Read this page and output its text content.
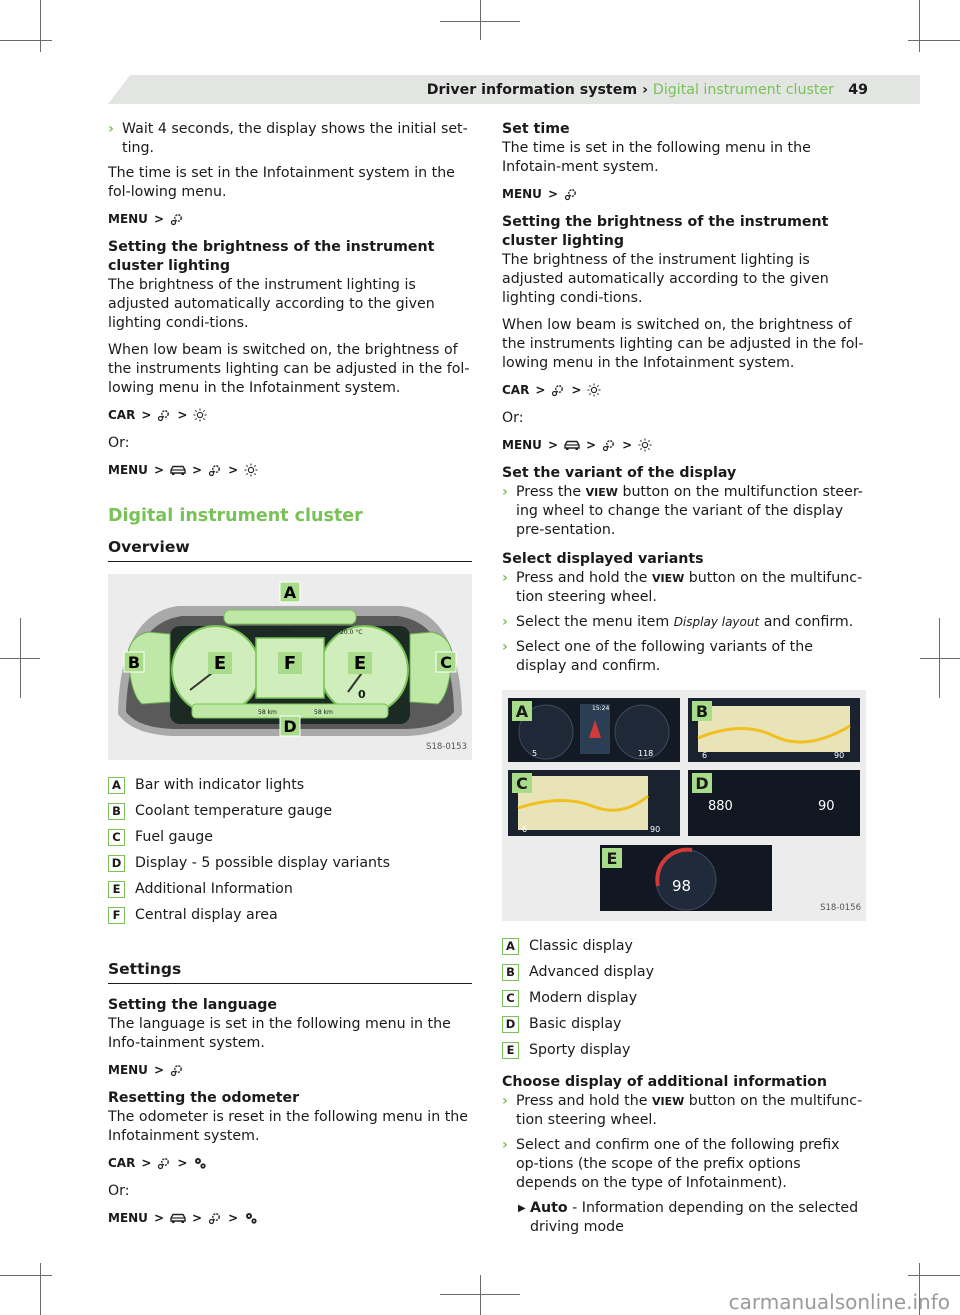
Driver information system › Digital instrument cluster 49
› Wait 4 seconds, the display shows the initial set-ting.

The time is set in the Infotainment system in the fol-lowing menu.

MENU >

Setting the brightness of the instrument cluster lighting

The brightness of the instrument lighting is adjusted automatically according to the given lighting condi-tions.

When low beam is switched on, the brightness of the instruments lighting can be adjusted in the fol-lowing menu in the Infotainment system.

CAR > >

Or:

MENU > > >
Digital instrument cluster
Overview
10:00	20.0 °C
58 km	58 km
0
A
B	C
D
E	F	E
S18-0153
A Bar with indicator lights
B Coolant temperature gauge
C	Fuel gauge
D Display - 5 possible display variants
E	Additional Information
F	Central display area
Settings

Setting the language

The language is set in the following menu in the Info-tainment system.

MENU >

Resetting the odometer

The odometer is reset in the following menu in the Infotainment system.

CAR > >

Or:

MENU > > >

Set time

The time is set in the following menu in the Infotain-ment system.

MENU >

Setting the brightness of the instrument cluster lighting

The brightness of the instrument lighting is adjusted automatically according to the given lighting condi-tions.

When low beam is switched on, the brightness of the instruments lighting can be adjusted in the fol-lowing menu in the Infotainment system.

CAR > >

Or:

MENU > > >

Set the variant of the display

› Press the VIEW button on the multifunction steer-ing wheel to change the variant of the display pre-sentation.

Select displayed variants

› Press and hold the VIEW button on the multifunc-tion steering wheel.
› Select the menu item Display layout and confirm.
› Select one of the following variants of the display and confirm.
15:24
5	118	6	90
6	90
880	90
98
A	B
C	D
E
S18-0156
A Classic display
B Advanced display
C	Modern display
D Basic display
E	Sporty display

Choose display of additional information

› Press and hold the VIEW button on the multifunc-tion steering wheel.
› Select and confirm one of the following prefix op-tions (the scope of the prefix options depends on the type of Infotainment).
▶ Auto - Information depending on the selected driving mode
carmanualsonline.info
